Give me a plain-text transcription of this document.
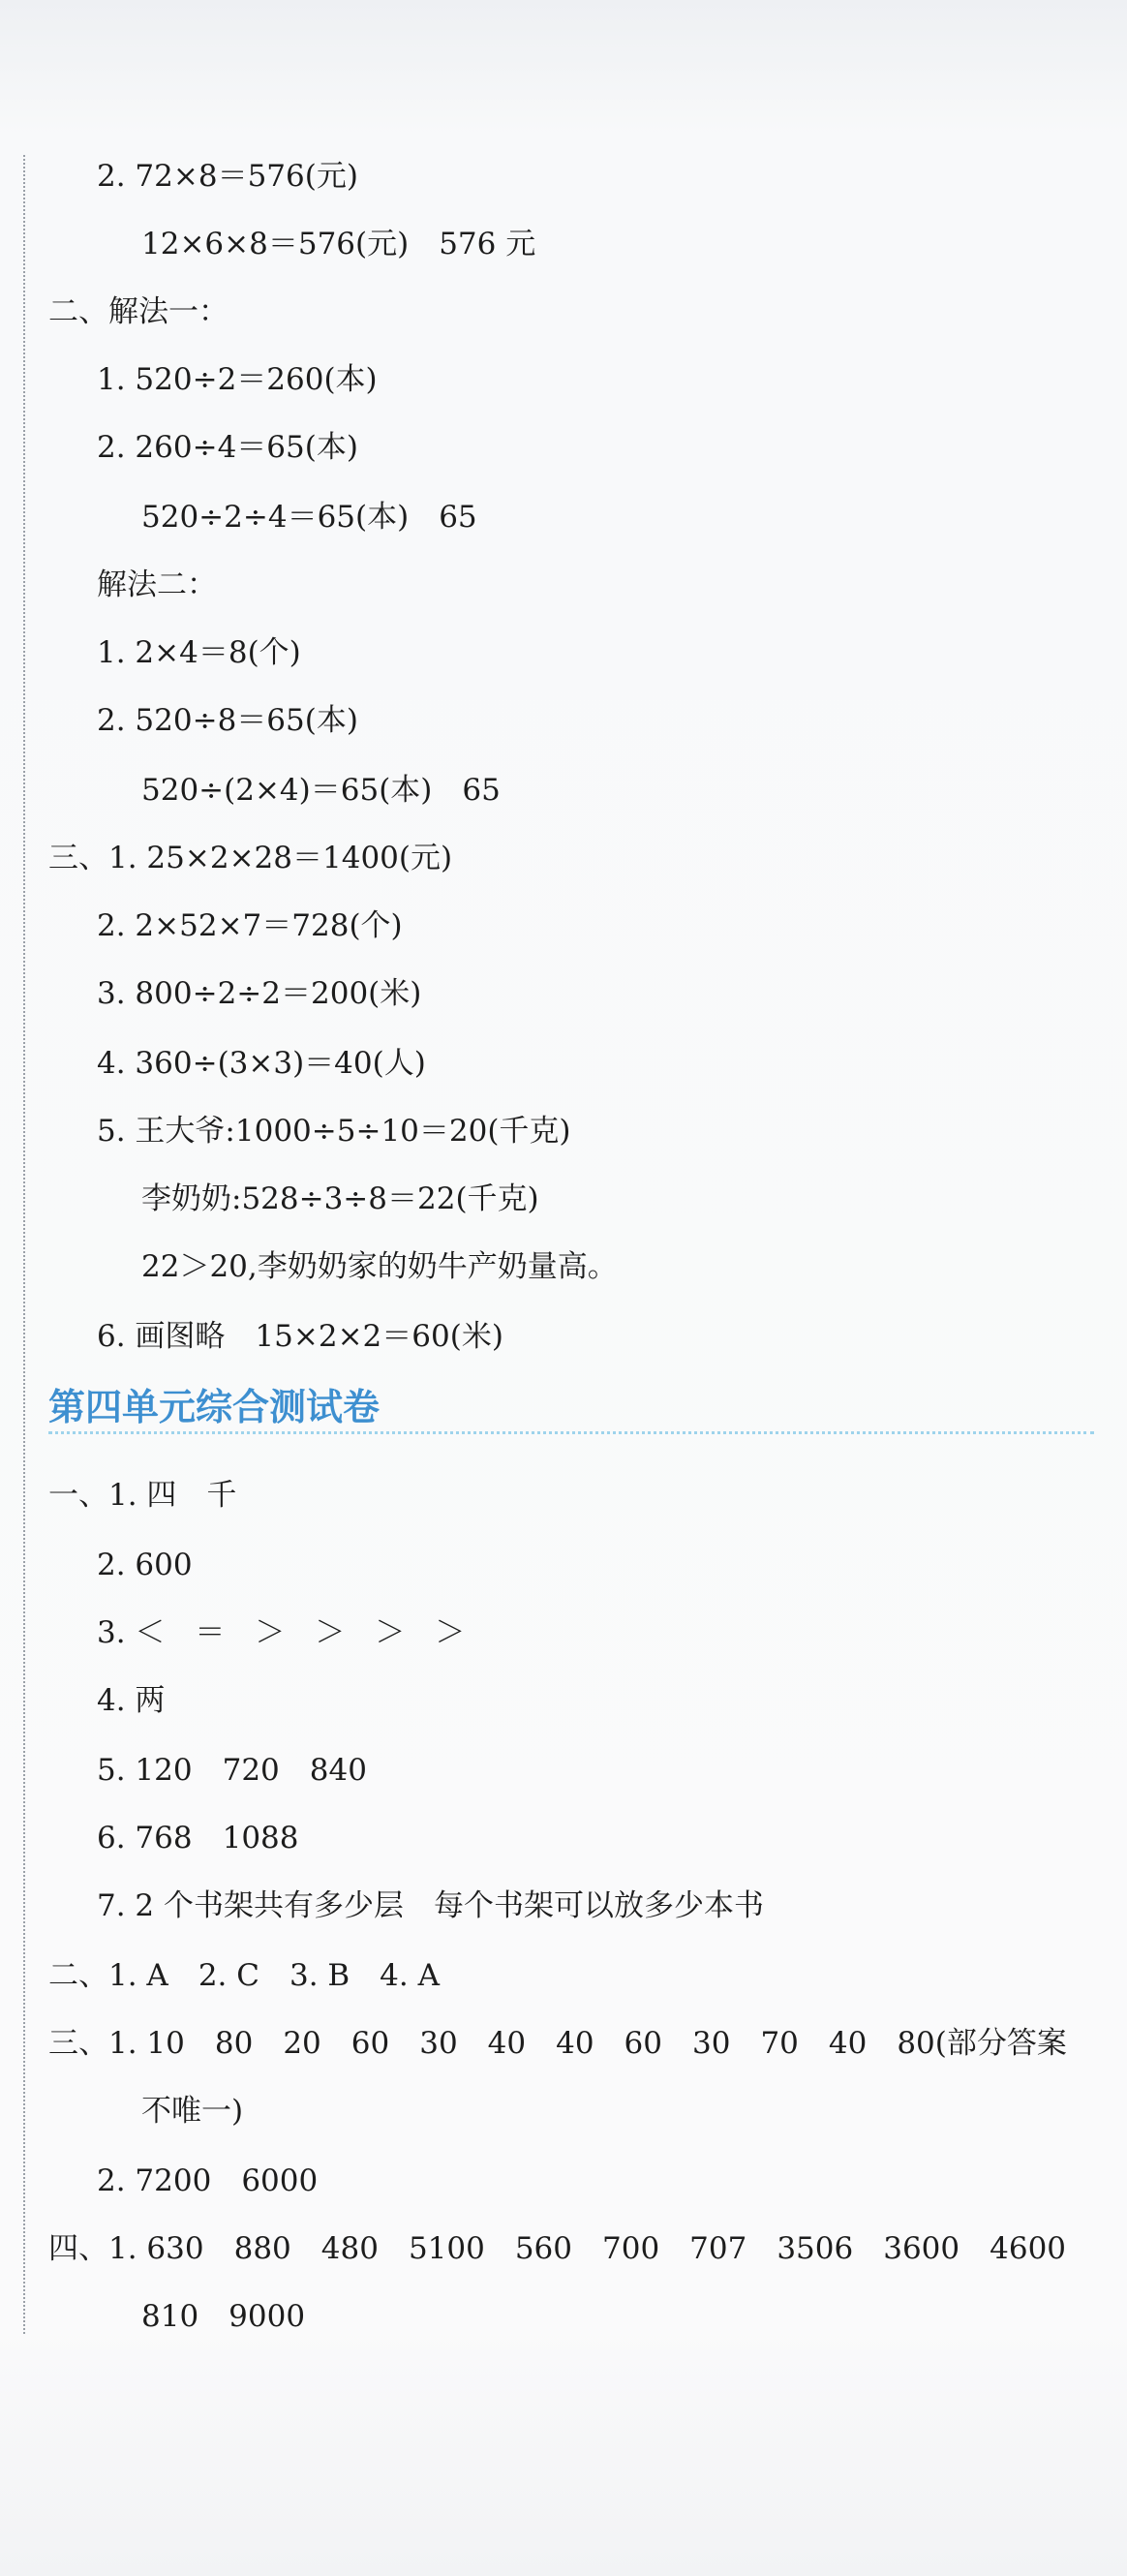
2. 72×8＝576(元)
12×6×8＝576(元)　576 元
二、解法一：
1. 520÷2＝260(本)
2. 260÷4＝65(本)
520÷2÷4＝65(本)　65
解法二：
1. 2×4＝8(个)
2. 520÷8＝65(本)
520÷(2×4)＝65(本)　65
三、1. 25×2×28＝1400(元)
2. 2×52×7＝728(个)
3. 800÷2÷2＝200(米)
4. 360÷(3×3)＝40(人)
5. 王大爷:1000÷5÷10＝20(千克)
李奶奶:528÷3÷8＝22(千克)
22＞20,李奶奶家的奶牛产奶量高。
6. 画图略　15×2×2＝60(米)
第四单元综合测试卷
一、1. 四　千
2. 600
3. ＜　＝　＞　＞　＞　＞
4. 两
5. 120　720　840
6. 768　1088
7. 2 个书架共有多少层　每个书架可以放多少本书
二、1. A　2. C　3. B　4. A
三、1. 10　80　20　60　30　40　40　60　30　70　40　80(部分答案
不唯一)
2. 7200　6000
四、1. 630　880　480　5100　560　700　707　3506　3600　4600
810　9000
